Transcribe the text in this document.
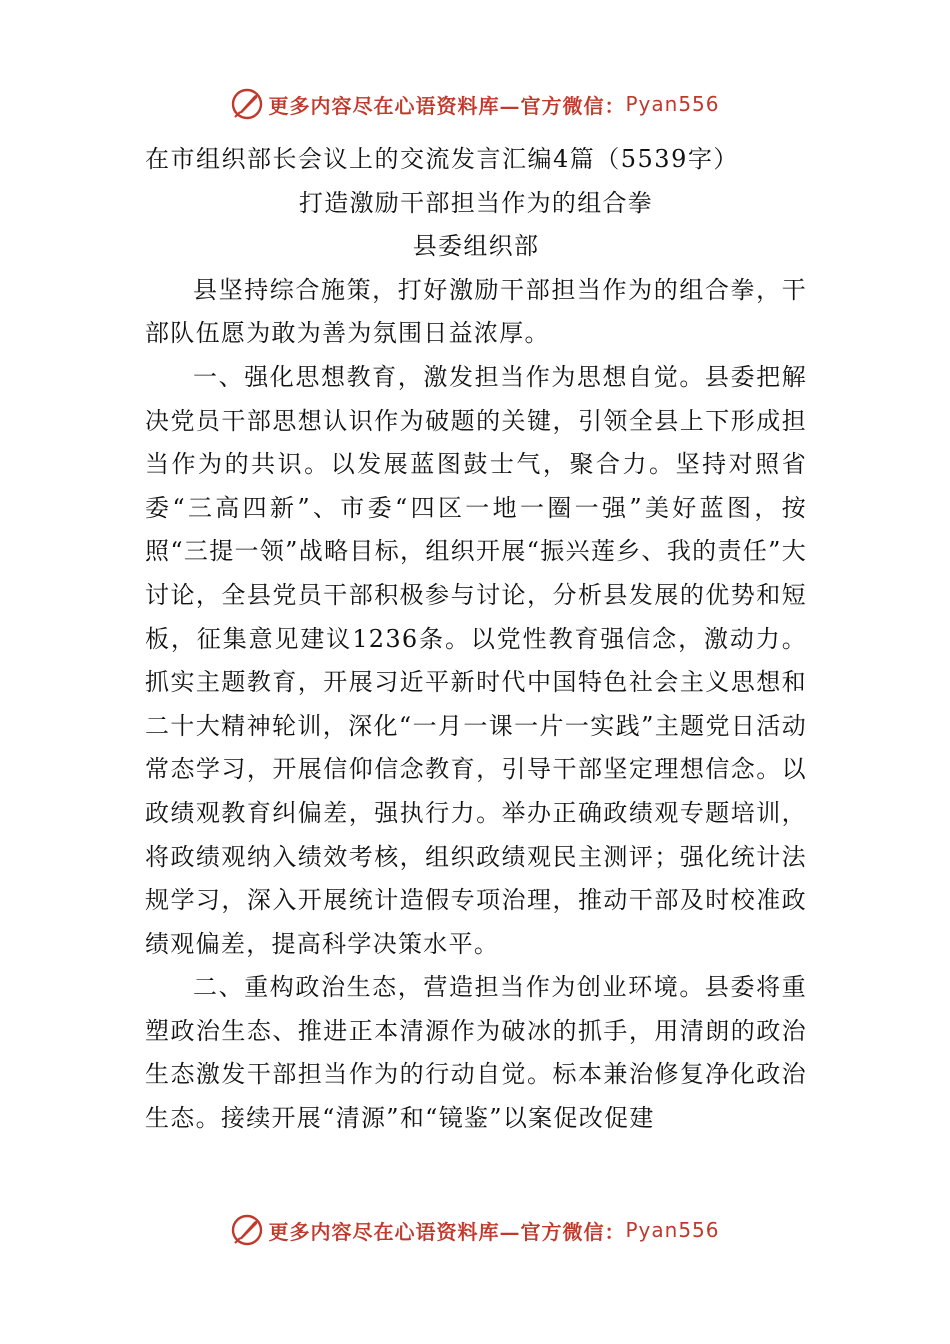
更多内容尽在心语资料库—官方微信： Pyan556

在市组织部长会议上的交流发言汇编4篇（5539字）

打造激励干部担当作为的组合拳

县委组织部

县坚持综合施策，打好激励干部担当作为的组合拳，干部队伍愿为敢为善为氛围日益浓厚。

一、强化思想教育，激发担当作为思想自觉。县委把解决党员干部思想认识作为破题的关键，引领全县上下形成担当作为的共识。以发展蓝图鼓士气，聚合力。坚持对照省委“三高四新”、市委“四区一地一圈一强”美好蓝图，按照“三提一领”战略目标，组织开展“振兴莲乡、我的责任”大讨论，全县党员干部积极参与讨论，分析县发展的优势和短板，征集意见建议1236条。以党性教育强信念，激动力。抓实主题教育，开展习近平新时代中国特色社会主义思想和二十大精神轮训，深化“一月一课一片一实践”主题党日活动常态学习，开展信仰信念教育，引导干部坚定理想信念。以政绩观教育纠偏差，强执行力。举办正确政绩观专题培训，将政绩观纳入绩效考核，组织政绩观民主测评；强化统计法规学习，深入开展统计造假专项治理，推动干部及时校准政绩观偏差，提高科学决策水平。

二、重构政治生态，营造担当作为创业环境。县委将重塑政治生态、推进正本清源作为破冰的抓手，用清朗的政治生态激发干部担当作为的行动自觉。标本兼治修复净化政治生态。接续开展“清源”和“镜鉴”以案促改促建

更多内容尽在心语资料库—官方微信： Pyan556
